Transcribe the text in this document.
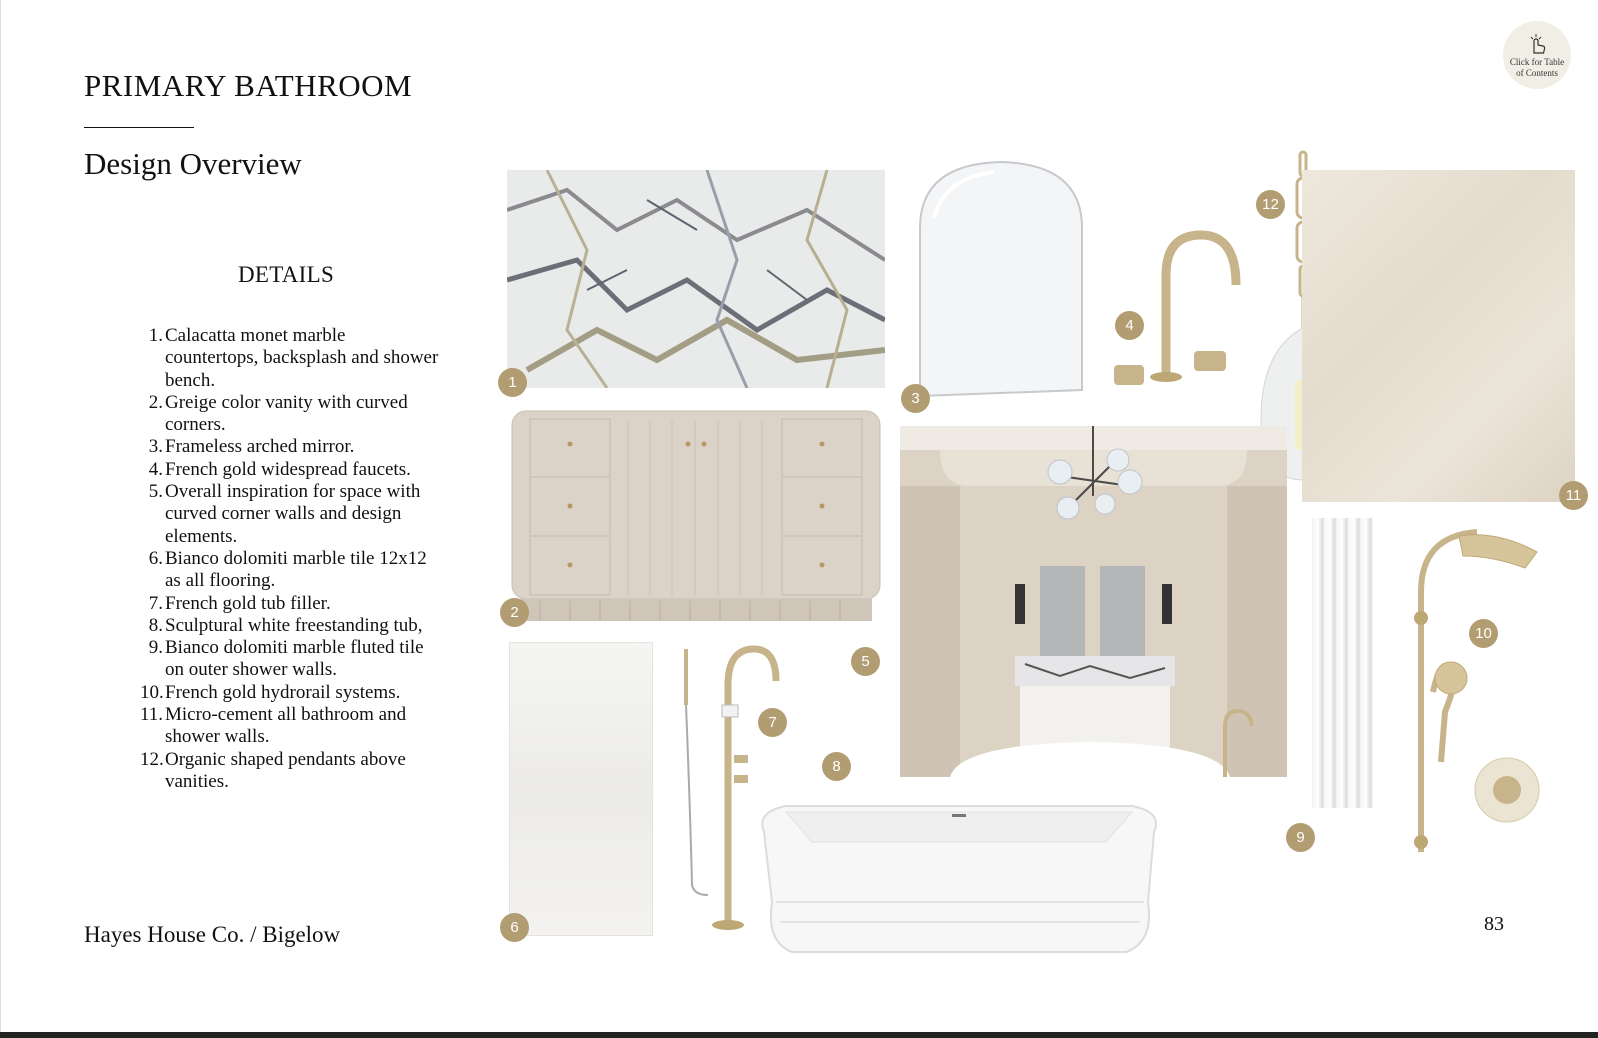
PRIMARY BATHROOM
Design Overview
Click for Table of Contents
DETAILS
1. Calacatta monet marble countertops, backsplash and shower bench.
2. Greige color vanity with curved corners.
3. Frameless arched mirror.
4. French gold widespread faucets.
5. Overall inspiration for space with curved corner walls and design elements.
6. Bianco dolomiti marble tile 12x12 as all flooring.
7. French gold tub filler.
8. Sculptural white freestanding tub,
9. Bianco dolomiti marble fluted tile on outer shower walls.
10. French gold hydrorail systems.
11. Micro-cement all bathroom and shower walls.
12. Organic shaped pendants above vanities.
Hayes House Co. / Bigelow	83
1
2
3
4
12
11
5
6
7
8
9
10
